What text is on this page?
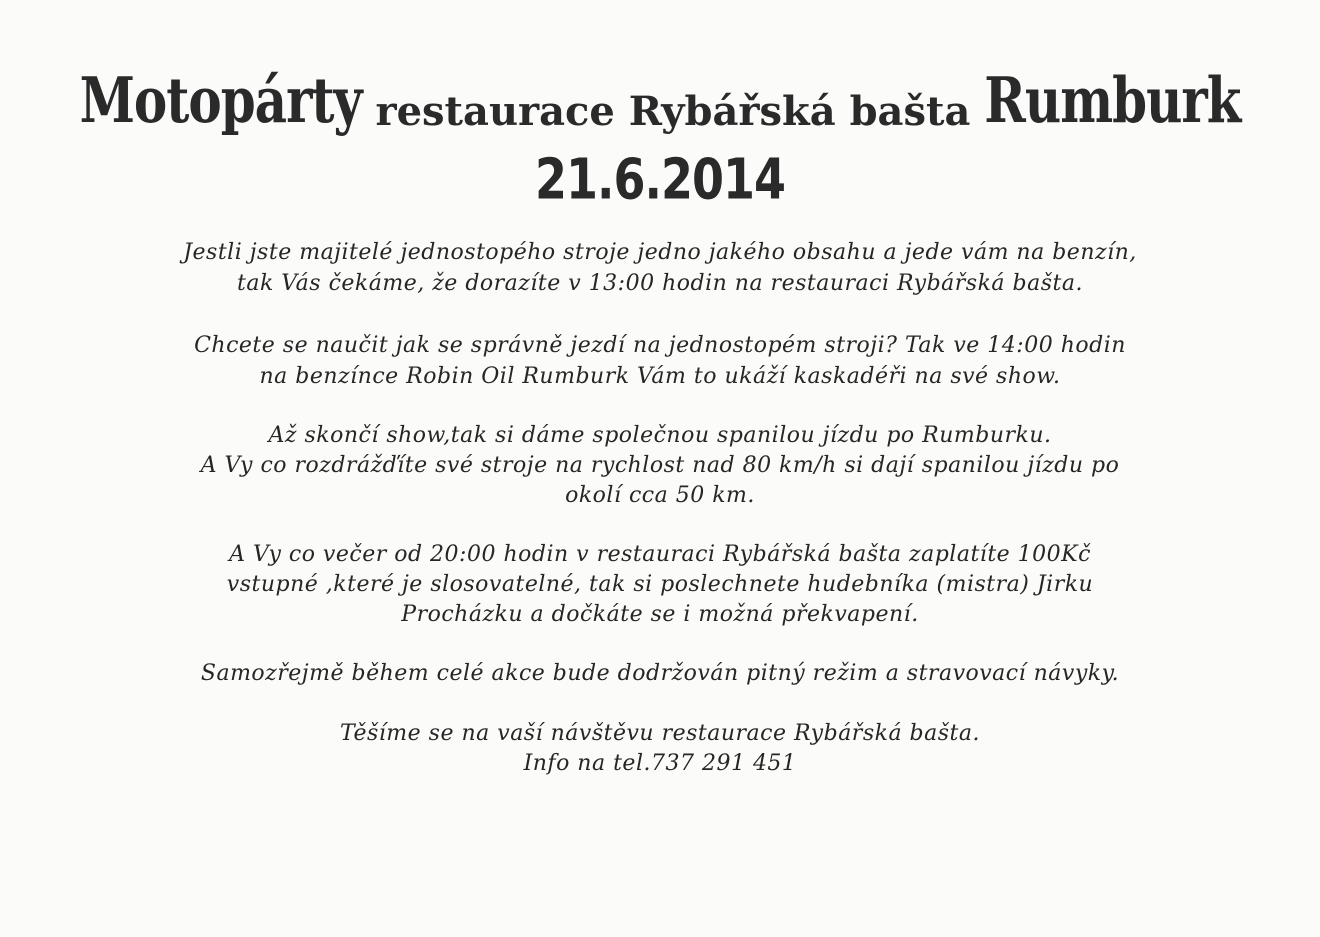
Motopárty restaurace Rybářská bašta Rumburk
21.6.2014
Jestli jste majitelé jednostopého stroje jedno jakého obsahu a jede vám na benzín,
tak Vás čekáme, že dorazíte v 13:00 hodin na restauraci Rybářská bašta.
Chcete se naučit jak se správně jezdí na jednostopém stroji? Tak ve 14:00 hodin
na benzínce Robin Oil Rumburk Vám to ukáží kaskadéři na své show.
Až skončí show,tak si dáme společnou spanilou jízdu po Rumburku.
A Vy co rozdrážďíte své stroje na rychlost nad 80 km/h si dají spanilou jízdu po
okolí cca 50 km.
A Vy co večer od 20:00 hodin v restauraci Rybářská bašta zaplatíte 100Kč
vstupné ,které je slosovatelné, tak si poslechnete hudebníka (mistra) Jirku
Procházku a dočkáte se i možná překvapení.
Samozřejmě během celé akce bude dodržován pitný režim a stravovací návyky.
Těšíme se na vaší návštěvu restaurace Rybářská bašta.
Info na tel.737 291 451
